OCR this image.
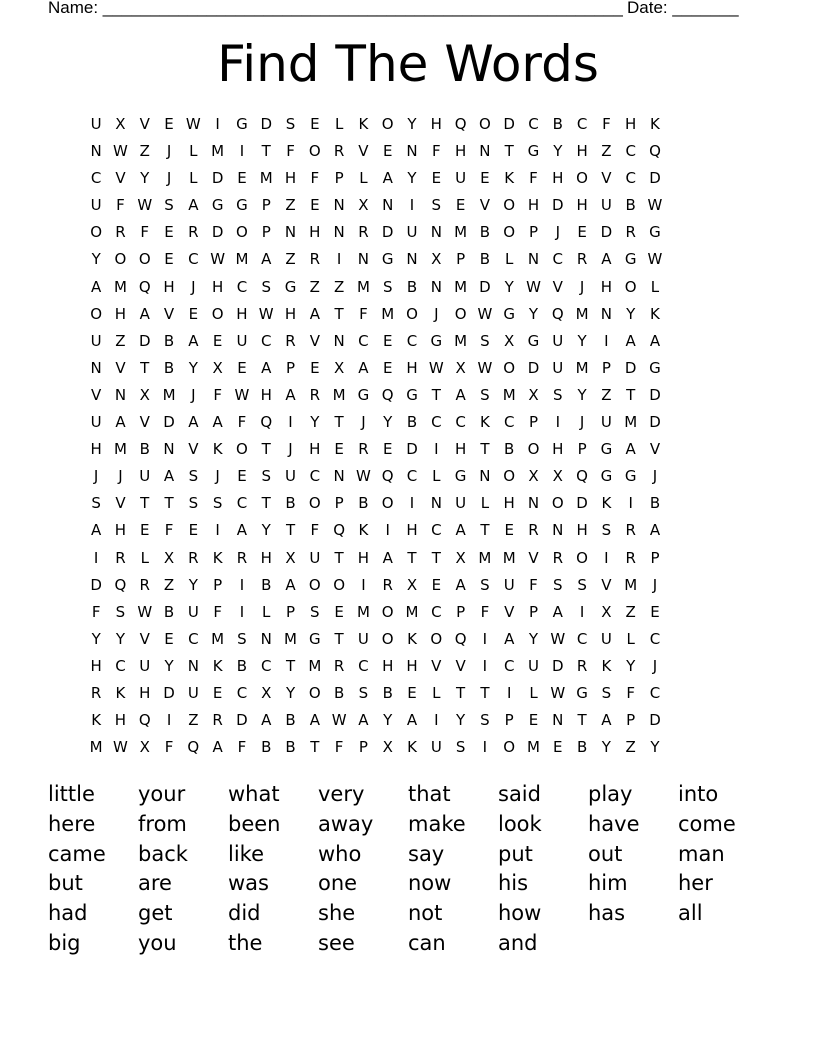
Name: _______________________________________________________ Date: _______
Find The Words
U X V E W I	G D S E	L	K O Y H Q O D C B C F H K
N W Z	J	L M	I	T	F O R V E N F H N T G Y H Z C Q
C V Y	J	L D E M H F	P	L A Y E U E K	F H O V C D
U F W S A G G P Z E N X N	I	S E V O H D H U B W
O R F	E R D O P N H N R D U N M B O P	J	E D R G
Y O O E C W M A Z R	I	N G N X P B L N C R A G W
A M Q H	J	H C S G Z Z M S B N M D Y W V	J	H O L
O H A V E O H W H A T	F M O	J	O W G Y Q M N Y K
U Z D B A E U C R V N C E C G M S X G U Y	I	A A
N V T B Y X E A P	E X A E H W X W O D U M P D G
V N X M	J	F W H A R M G Q G T A S M X S Y Z T D
U A V D A A F Q	I	Y	T	J	Y B C C K C P	I	J	U M D
H M B N V K O T	J	H E R E D	I	H T B O H P G A V
J	J	U A S	J	E S U C N W Q C L G N O X X Q G G	J
S V T	T S S C T B O P B O	I	N U L H N O D K	I	B
A H E	F	E	I	A Y	T	F Q K	I	H C A T E R N H S R A
I	R L X R K R H X U T H A T	T X M M V R O	I	R P
D Q R Z Y	P	I	B A O O	I	R X E A S U F	S S V M	J
F	S W B U F	I	L	P	S E M O M C P	F V P A	I	X Z E
Y	Y V E C M S N M G T U O K O Q	I	A Y W C U L C
H C U Y N K B C T M R C H H V V	I	C U D R K Y	J
R K H D U E C X Y O B S B E	L	T	T	I	L W G S	F C
K H Q	I	Z R D A B A W A Y A	I	Y S	P	E N T A P D
M W X F Q A F B B T	F	P X K U S	I	O M E B Y Z Y
little	your	what	very	that	said	play	into
here	from	been	away	make	look	have	come
came	back	like	who	say	put	out	man
but	are	was	one	now	his	him	her
had	get	did	she	not	how	has	all
big	you	the	see	can	and
